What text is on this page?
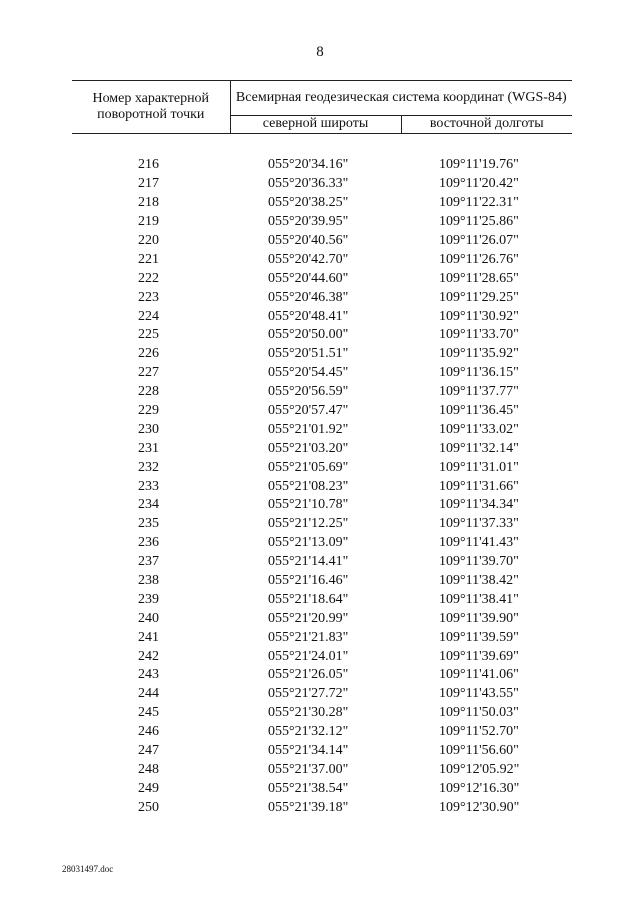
8
Номер характерной поворотной точки	Всемирная геодезическая система координат (WGS-84)	
	северной широты	восточной долготы

216	055°20'34.16"	109°11'19.76"
217	055°20'36.33"	109°11'20.42"
218	055°20'38.25"	109°11'22.31"
219	055°20'39.95"	109°11'25.86"
220	055°20'40.56"	109°11'26.07"
221	055°20'42.70"	109°11'26.76"
222	055°20'44.60"	109°11'28.65"
223	055°20'46.38"	109°11'29.25"
224	055°20'48.41"	109°11'30.92"
225	055°20'50.00"	109°11'33.70"
226	055°20'51.51"	109°11'35.92"
227	055°20'54.45"	109°11'36.15"
228	055°20'56.59"	109°11'37.77"
229	055°20'57.47"	109°11'36.45"
230	055°21'01.92"	109°11'33.02"
231	055°21'03.20"	109°11'32.14"
232	055°21'05.69"	109°11'31.01"
233	055°21'08.23"	109°11'31.66"
234	055°21'10.78"	109°11'34.34"
235	055°21'12.25"	109°11'37.33"
236	055°21'13.09"	109°11'41.43"
237	055°21'14.41"	109°11'39.70"
238	055°21'16.46"	109°11'38.42"
239	055°21'18.64"	109°11'38.41"
240	055°21'20.99"	109°11'39.90"
241	055°21'21.83"	109°11'39.59"
242	055°21'24.01"	109°11'39.69"
243	055°21'26.05"	109°11'41.06"
244	055°21'27.72"	109°11'43.55"
245	055°21'30.28"	109°11'50.03"
246	055°21'32.12"	109°11'52.70"
247	055°21'34.14"	109°11'56.60"
248	055°21'37.00"	109°12'05.92"
249	055°21'38.54"	109°12'16.30"
250	055°21'39.18"	109°12'30.90"
28031497.doc
